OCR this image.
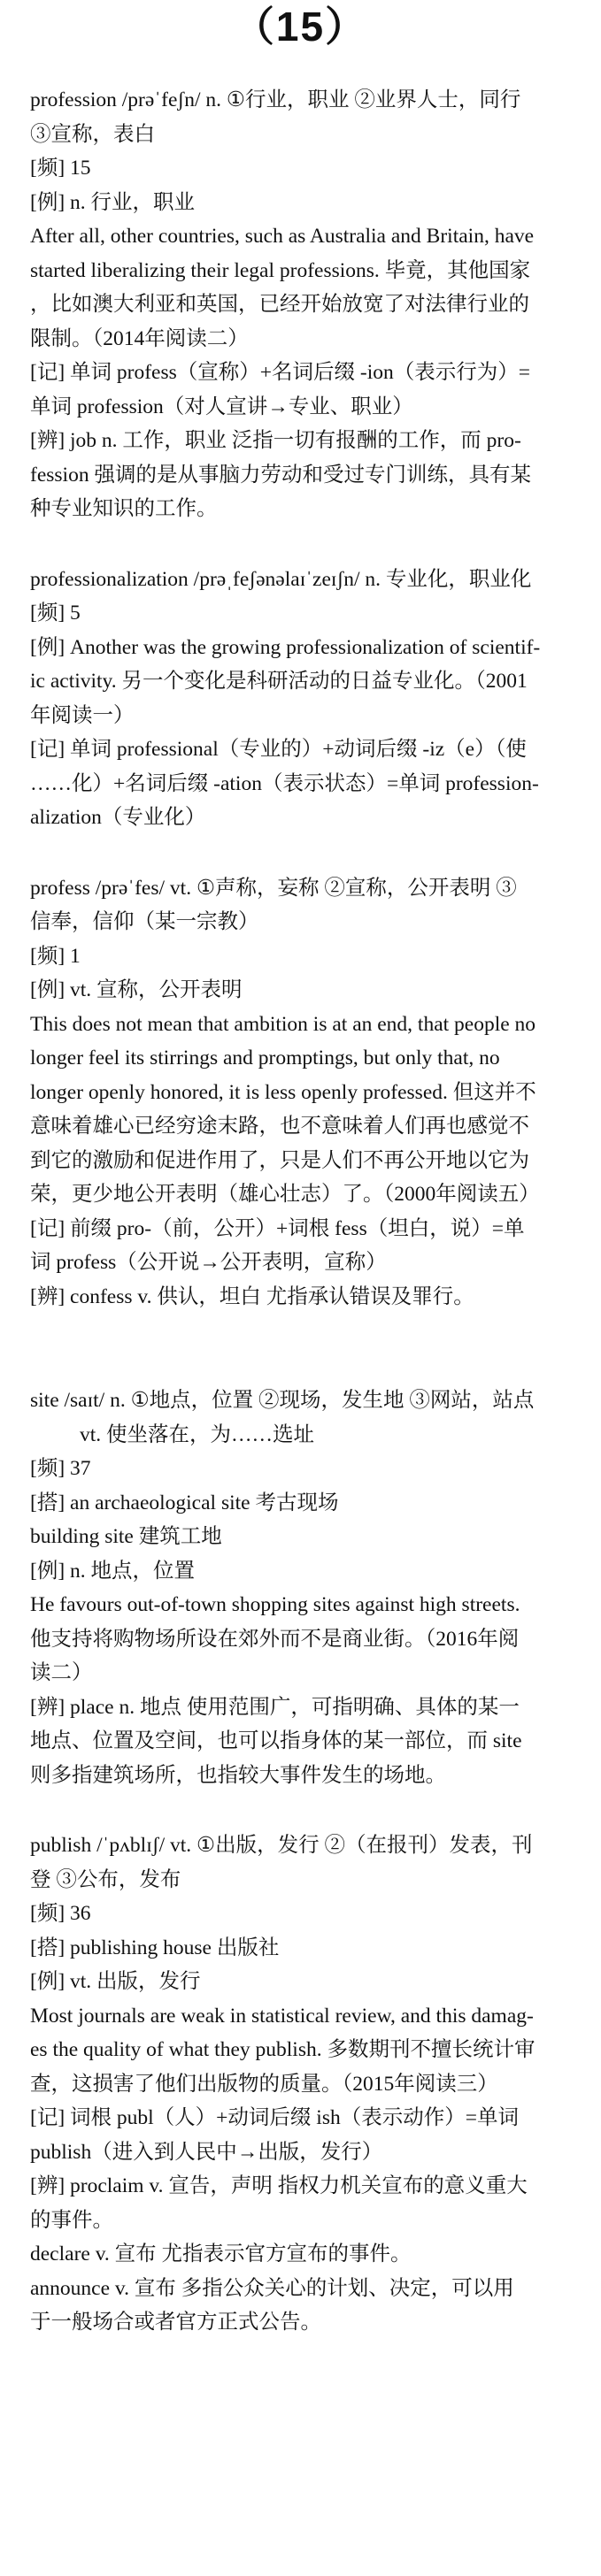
（15）
profession /prəˈfeʃn/ n. ①行业，职业 ②业界人士，同行
③宣称，表白
[频] 15
[例] n. 行业，职业
After all, other countries, such as Australia and Britain, have
started liberalizing their legal professions. 毕竟，其他国家
，比如澳大利亚和英国，已经开始放宽了对法律行业的
限制。（2014年阅读二）
[记] 单词 profess（宣称）+名词后缀 -ion（表示行为）=
单词 profession（对人宣讲→专业、职业）
[辨] job n. 工作，职业 泛指一切有报酬的工作，而 pro-
fession 强调的是从事脑力劳动和受过专门训练，具有某
种专业知识的工作。
professionalization /prəˌfeʃənəlaɪˈzeɪʃn/ n. 专业化，职业化
[频] 5
[例] Another was the growing professionalization of scientif-
ic activity. 另一个变化是科研活动的日益专业化。（2001
年阅读一）
[记] 单词 professional（专业的）+动词后缀 -iz（e）（使
……化）+名词后缀 -ation（表示状态）=单词 profession-
alization（专业化）
profess /prəˈfes/ vt. ①声称，妄称 ②宣称，公开表明 ③
信奉，信仰（某一宗教）
[频] 1
[例] vt. 宣称，公开表明
This does not mean that ambition is at an end, that people no
longer feel its stirrings and promptings, but only that, no
longer openly honored, it is less openly professed. 但这并不
意味着雄心已经穷途末路，也不意味着人们再也感觉不
到它的激励和促进作用了，只是人们不再公开地以它为
荣，更少地公开表明（雄心壮志）了。（2000年阅读五）
[记] 前缀 pro-（前，公开）+词根 fess（坦白，说）=单
词 profess（公开说→公开表明，宣称）
[辨] confess v. 供认，坦白 尤指承认错误及罪行。
site /saɪt/ n. ①地点，位置 ②现场，发生地 ③网站，站点
vt. 使坐落在，为……选址
[频] 37
[搭] an archaeological site 考古现场
building site 建筑工地
[例] n. 地点，位置
He favours out-of-town shopping sites against high streets.
他支持将购物场所设在郊外而不是商业街。（2016年阅
读二）
[辨] place n. 地点 使用范围广，可指明确、具体的某一
地点、位置及空间，也可以指身体的某一部位，而 site
则多指建筑场所，也指较大事件发生的场地。
publish /ˈpʌblɪʃ/ vt. ①出版，发行 ②（在报刊）发表，刊
登 ③公布，发布
[频] 36
[搭] publishing house 出版社
[例] vt. 出版，发行
Most journals are weak in statistical review, and this damag-
es the quality of what they publish. 多数期刊不擅长统计审
查，这损害了他们出版物的质量。（2015年阅读三）
[记] 词根 publ（人）+动词后缀 ish（表示动作）=单词
publish（进入到人民中→出版，发行）
[辨] proclaim v. 宣告，声明 指权力机关宣布的意义重大
的事件。
declare v. 宣布 尤指表示官方宣布的事件。
announce v. 宣布 多指公众关心的计划、决定，可以用
于一般场合或者官方正式公告。
